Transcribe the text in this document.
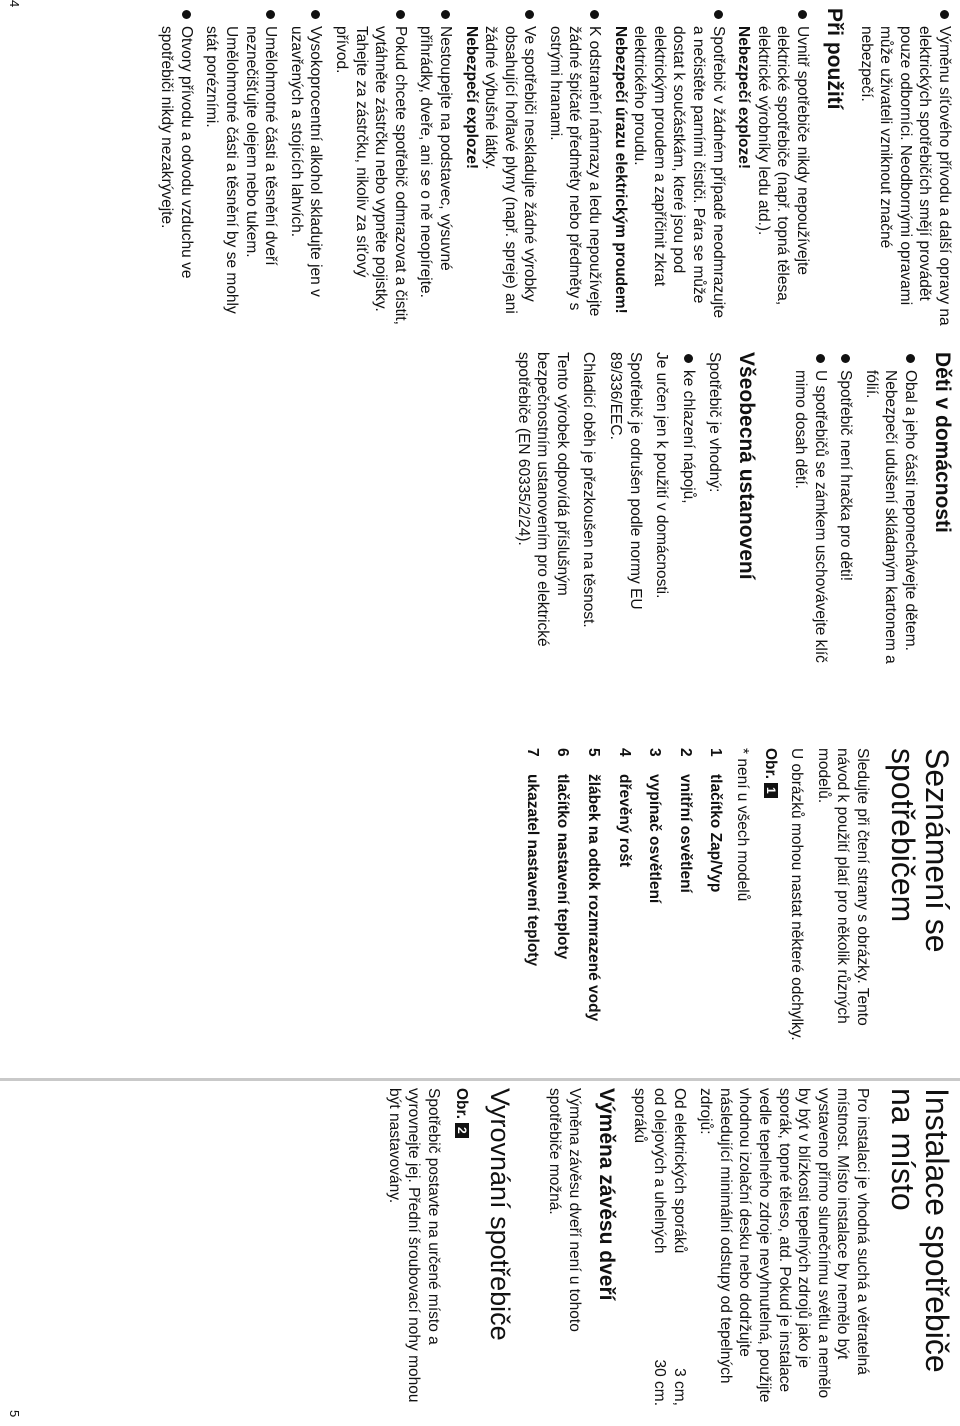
4
Výměnu síťového přívodu a další opravy na elektrických spotřebičích smějí provádět pouze odborníci. Neodbornými opravami může uživateli vzniknout značné nebezpečí.
Při použití
Uvnitř spotřebiče nikdy nepoužívejte elektrické spotřebiče (např. topná tělesa, elektrické výrobníky ledu atd.).
Nebezpečí exploze!
Spotřebič v žádném případě neodmrazujte a nečistěte parními čističi. Pára se může dostat k součástkám, které jsou pod elektrickým proudem a zapříčinit zkrat elektrického proudu.
Nebezpečí úrazu elektrickým proudem!
K odstranění námrazy a ledu nepoužívejte žádné špičaté předměty nebo předměty s ostrými hranami.
Ve spotřebiči neskladujte žádné výrobky obsahující hořlavé plyny (např. spreje) ani žádné výbušné látky.
Nebezpečí exploze!
Nestoupejte na podstavec, výsuvné přihrádky, dveře, ani se o ně neopírejte.
Pokud chcete spotřebič odmrazovat a čistit, vytáhněte zástrčku nebo vypněte pojistky. Tahejte za zástrčku, nikoliv za síťový přívod.
Vysokoprocentní alkohol skladujte jen v uzavřených a stojících lahvích.
Umělohmotné části a těsnění dveří neznečišťujte olejem nebo tukem. Umělohmotné části a těsnění by se mohly stát porézními.
Otvory přívodu a odvodu vzduchu ve spotřebiči nikdy nezakrývejte.
Děti v domácnosti
Obal a jeho části neponechávejte dětem. Nebezpečí udušení skládaným kartonem a fólií.
Spotřebič není hračka pro děti!
U spotřebičů se zámkem uschovávejte klíč mimo dosah dětí.
Všeobecná ustanovení

Spotřebič je vhodný:

ke chlazení nápojů,

Je určen jen k použití v domácnosti.

Spotřebič je odrušen podle normy EU 89/336/EEC.

Chladicí oběh je přezkoušen na těsnost.

Tento výrobek odpovídá příslušným bezpečnostním ustanovením pro elektrické spotřebiče (EN 60335/2/24).

Seznámení se spotřebičem

Sledujte při čtení strany s obrázky. Tento návod k použití platí pro několik různých modelů.

U obrázků mohou nastat některé odchylky.

Obr.1

* není u všech modelů

1
tlačítko Zap/Vyp
2
vnitřní osvětlení
3
vypínač osvětlení
4
dřevěný rošt
5
žlábek na odtok rozmrazené vody
6
tlačítko nastavení teploty
7
ukazatel nastavení teploty
Instalace spotřebiče na místo

Pro instalaci je vhodná suchá a větratelná místnost. Místo instalace by nemělo být vystaveno přímo slunečnímu světlu a nemělo by být v blízkosti tepelných zdrojů jako je sporák, topné těleso, atd. Pokud je instalace vedle tepelného zdroje nevyhnutelná, použijte vhodnou izolační desku nebo dodržujte následující minimální odstupy od tepelných zdrojů:

Od elektrických sporáků
3 cm,
od olejových a uhelných sporáků
30 cm.
Výměna závěsu dveří

Výměna závěsu dveří není u tohoto spotřebiče možná.

Vyrovnání spotřebiče
Obr.2

Spotřebič postavte na určené místo a vyrovnejte jej. Přední šroubovací nohy mohou být nastavovány.

5
